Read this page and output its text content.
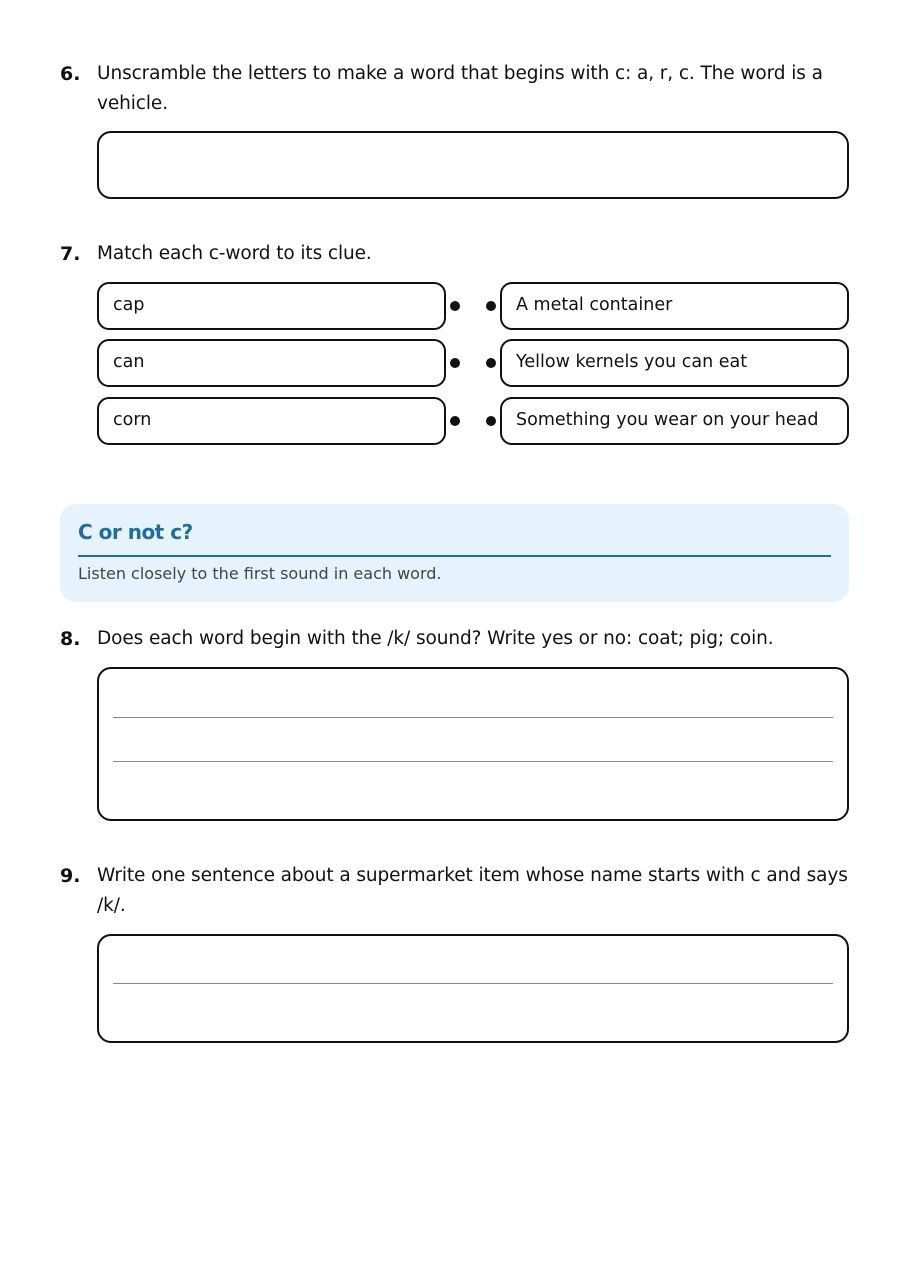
6. Unscramble the letters to make a word that begins with c: a, r, c. The word is a vehicle.
7. Match each c-word to its clue.
cap	A metal container
can	Yellow kernels you can eat
corn	Something you wear on your head
C or not c?
Listen closely to the first sound in each word.
8. Does each word begin with the /k/ sound? Write yes or no: coat; pig; coin.
9. Write one sentence about a supermarket item whose name starts with c and says /k/.
